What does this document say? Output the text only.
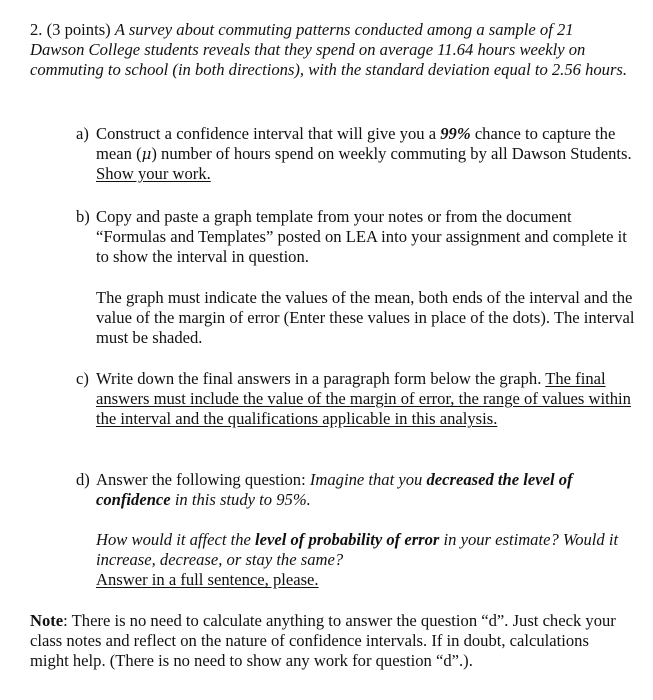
2. (3 points) A survey about commuting patterns conducted among a sample of 21 Dawson College students reveals that they spend on average 11.64 hours weekly on commuting to school (in both directions), with the standard deviation equal to 2.56 hours.
a) Construct a confidence interval that will give you a 99% chance to capture the mean (μ) number of hours spend on weekly commuting by all Dawson Students. Show your work.
b) Copy and paste a graph template from your notes or from the document “Formulas and Templates” posted on LEA into your assignment and complete it to show the interval in question.
The graph must indicate the values of the mean, both ends of the interval and the value of the margin of error (Enter these values in place of the dots). The interval must be shaded.
c) Write down the final answers in a paragraph form below the graph. The final answers must include the value of the margin of error, the range of values within the interval and the qualifications applicable in this analysis.
d) Answer the following question: Imagine that you decreased the level of confidence in this study to 95%.
How would it affect the level of probability of error in your estimate? Would it increase, decrease, or stay the same?
Answer in a full sentence, please.
Note: There is no need to calculate anything to answer the question “d”. Just check your class notes and reflect on the nature of confidence intervals. If in doubt, calculations might help. (There is no need to show any work for question “d”.).
